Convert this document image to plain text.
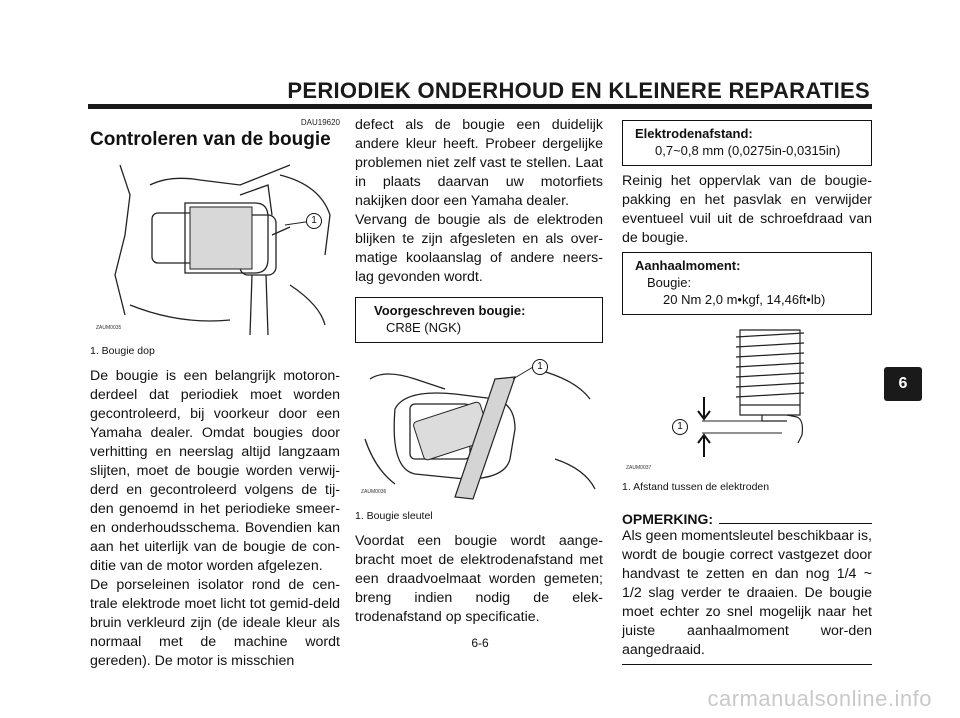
PERIODIEK ONDERHOUD EN KLEINERE REPARATIES
DAU19620
Controleren van de bougie
1
ZAUM0035
1. Bougie dop
De bougie is een belangrijk motoron-derdeel dat periodiek moet worden gecontroleerd, bij voorkeur door een Yamaha dealer. Omdat bougies door verhitting en neerslag altijd langzaam slijten, moet de bougie worden verwij-derd en gecontroleerd volgens de tij-den genoemd in het periodieke smeer-en onderhoudsschema. Bovendien kan aan het uiterlijk van de bougie de con-ditie van de motor worden afgelezen.
De porseleinen isolator rond de cen-trale elektrode moet licht tot gemid-deld bruin verkleurd zijn (de ideale kleur als normaal met de machine wordt gereden). De motor is misschien
defect als de bougie een duidelijk andere kleur heeft. Probeer dergelijke problemen niet zelf vast te stellen. Laat in plaats daarvan uw motorfiets nakijken door een Yamaha dealer.
Vervang de bougie als de elektroden blijken te zijn afgesleten en als over-matige koolaanslag of andere neers-lag gevonden wordt.
Voorgeschreven bougie:
CR8E (NGK)
1
ZAUM0036
1. Bougie sleutel
Voordat een bougie wordt aange-bracht moet de elektrodenafstand met een draadvoelmaat worden gemeten; breng indien nodig de elek-trodenafstand op specificatie.
Elektrodenafstand:
0,7~0,8 mm (0,0275in-0,0315in)
Reinig het oppervlak van de bougie-pakking en het pasvlak en verwijder eventueel vuil uit de schroefdraad van de bougie.
Aanhaalmoment:
Bougie:
20 Nm 2,0 m•kgf, 14,46ft•lb)
1
ZAUM0037
1. Afstand tussen de elektroden
OPMERKING:
Als geen momentsleutel beschikbaar is, wordt de bougie correct vastgezet door handvast te zetten en dan nog 1/4 ~ 1/2 slag verder te draaien. De bougie moet echter zo snel mogelijk naar het juiste aanhaalmoment wor-den aangedraaid.
6
6-6
carmanualsonline.info
